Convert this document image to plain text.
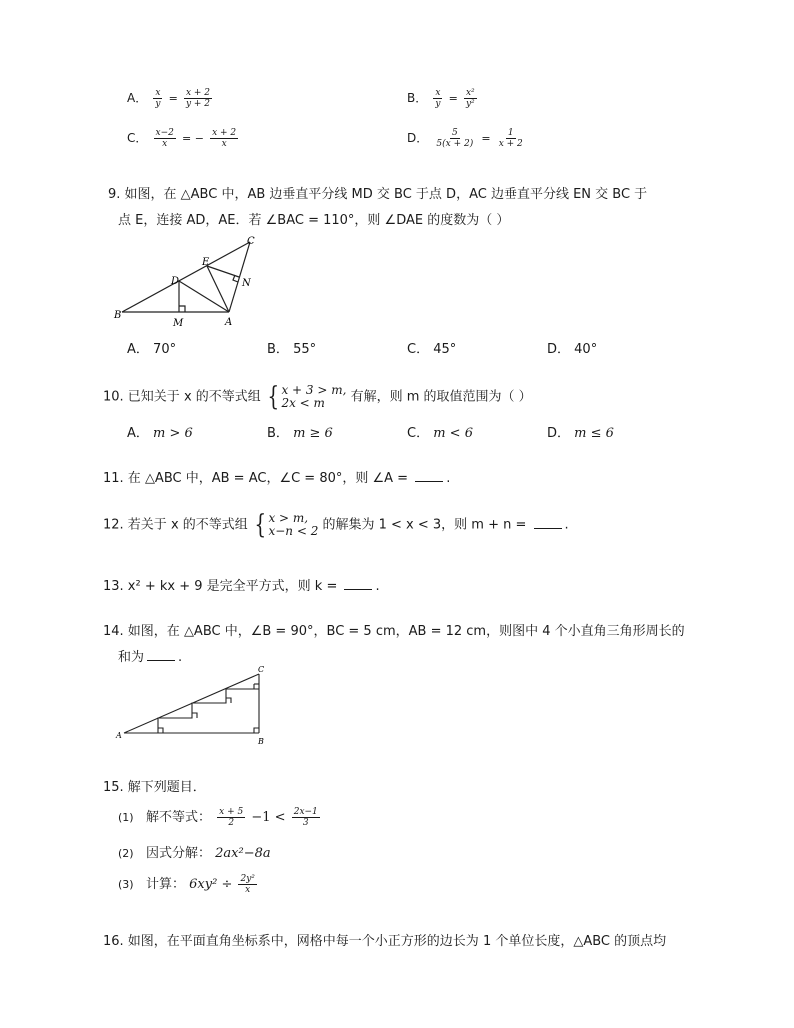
A． $\frac{x}{y} = \frac{x + 2}{y + 2}$	B． $\frac{x}{y} = \frac{\text{x²}}{\text{y²}}$
C． $\frac{x-2}{x}$ = − $\frac{x + 2}{x}$	D． $\frac{5}{5(x + 2)} = \frac{1}{x + 2}$
9. 如图，在 △ABC 中，AB 边垂直平分线 MD 交 BC 于点 D，AC 边垂直平分线 EN 交 BC 于
点 E，连接 AD，AE．若 ∠BAC = 110°，则 ∠DAE 的度数为（ ）
B
M	A
D
E
C
N
A． 70°	B． 55°	C． 45°	D． 40°
10. 已知关于 x 的不等式组 { x + 3 > m,
2x < m	有解，则 m 的取值范围为（ ）
A． m > 6	B． m ≥ 6	C． m < 6	D． m ≤ 6
11. 在 △ABC 中，AB = AC，∠C = 80°，则 ∠A =	.
12. 若关于 x 的不等式组 { x > m,
x−n < 2 的解集为 1 < x < 3，则 m + n =	.
13. x² + kx + 9 是完全平方式，则 k =	.
14. 如图，在 △ABC 中，∠B = 90°，BC = 5 cm，AB = 12 cm，则图中 4 个小直角三角形周长的
和为	.
A
B
C
15. 解下列题目．
(1) 解不等式： $\frac{x + 5}{2} -1 < \frac{2x-1}{3}$
(2) 因式分解： 2ax²−8a
(3) 计算： $6xy^2 \div \frac{\text{2y²}}{x}$
16. 如图，在平面直角坐标系中，网格中每一个小正方形的边长为 1 个单位长度，△ABC 的顶点均
